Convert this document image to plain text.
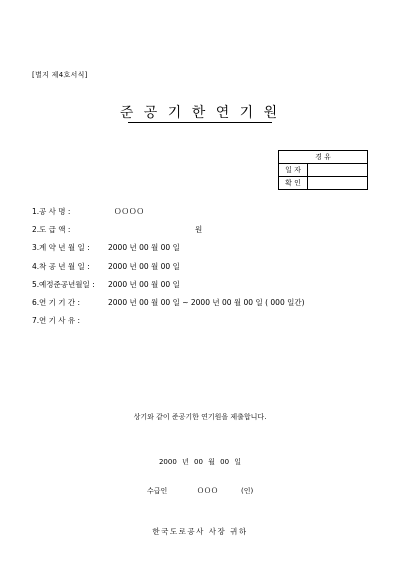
[별지 제4호서식]
준 공 기 한 연 기 원
경 유	
일 자	
확 인	
1. 공 사 명 :	ＯＯＯＯ
2. 도 급 액 :	원
3. 계 약 년 월 일 : 2000 년 00 월 00 일
4. 착 공 년 월 일 : 2000 년 00 월 00 일
5. 예정준공년월일 : 2000 년 00 월 00 일
6. 연 기 기 간 :	2000 년 00 월 00 일 ~ 2000 년 00 월 00 일 ( 000 일간)
7. 연 기 사 유 :
상기와 같이 준공기한 연기원을 제출합니다.
2000 년 00 월 00 일
수급인	ＯＯＯ	(인)
한국도로공사 사장 귀하
